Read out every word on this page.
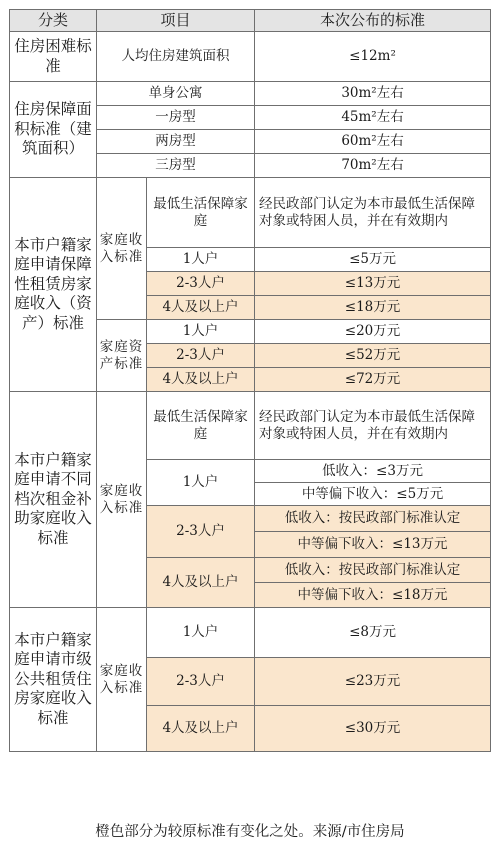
分类	项目		本次公布的标准
住房困难标准	人均住房建筑面积		≤12m²
住房保障面积标准（建筑面积）	单身公寓		30m²左右
	一房型		45m²左右
	两房型		60m²左右
	三房型		70m²左右
本市户籍家庭申请保障性租赁房家庭收入（资产）标准	家庭收入标准	最低生活保障家庭	经民政部门认定为本市最低生活保障对象或特困人员，并在有效期内
		1人户	≤5万元
		2-3人户	≤13万元
		4人及以上户	≤18万元
	家庭资产标准	1人户	≤20万元
		2-3人户	≤52万元
		4人及以上户	≤72万元
本市户籍家庭申请不同档次租金补助家庭收入标准	家庭收入标准	最低生活保障家庭	经民政部门认定为本市最低生活保障对象或特困人员，并在有效期内
		1人户	低收入：≤3万元
			中等偏下收入：≤5万元
		2-3人户	低收入：按民政部门标准认定
			中等偏下收入：≤13万元
		4人及以上户	低收入：按民政部门标准认定
			中等偏下收入：≤18万元
本市户籍家庭申请市级公共租赁住房家庭收入标准	家庭收入标准	1人户	≤8万元
		2-3人户	≤23万元
		4人及以上户	≤30万元
橙色部分为较原标准有变化之处。来源/市住房局
